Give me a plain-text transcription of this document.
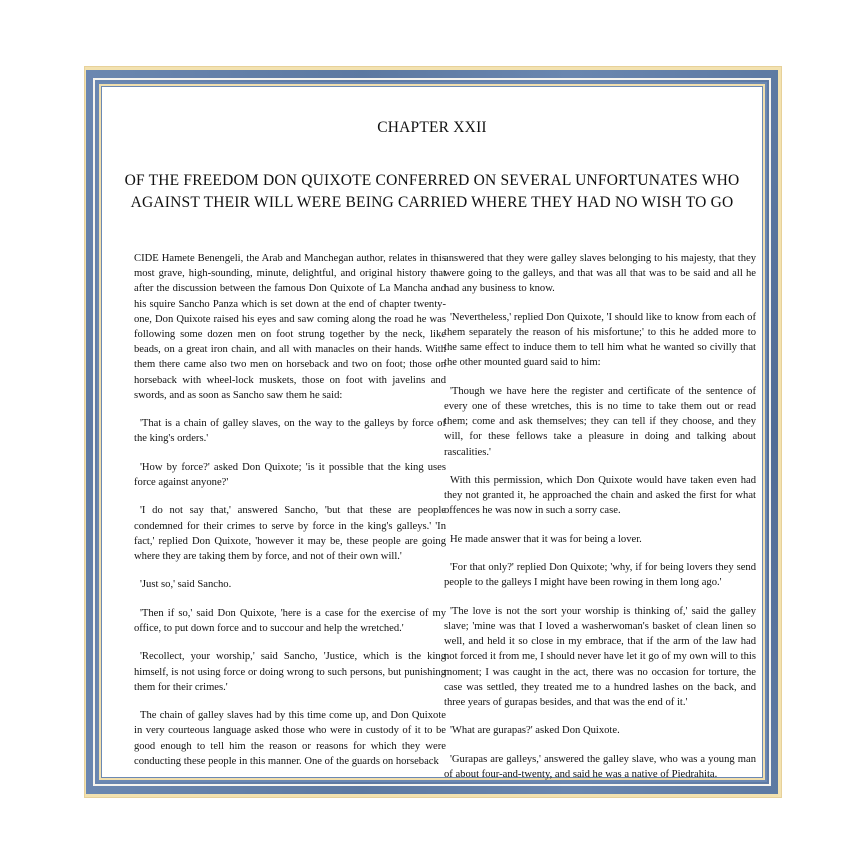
CHAPTER XXII
OF THE FREEDOM DON QUIXOTE CONFERRED ON SEVERAL UNFORTUNATES WHO AGAINST THEIR WILL WERE BEING CARRIED WHERE THEY HAD NO WISH TO GO

CIDE Hamete Benengeli, the Arab and Manchegan author, relates in this most grave, high-sounding, minute, delightful, and original history that after the discussion between the famous Don Quixote of La Mancha and his squire Sancho Panza which is set down at the end of chapter twenty-one, Don Quixote raised his eyes and saw coming along the road he was following some dozen men on foot strung together by the neck, like beads, on a great iron chain, and all with manacles on their hands. With them there came also two men on horseback and two on foot; those on horseback with wheel-lock muskets, those on foot with javelins and swords, and as soon as Sancho saw them he said:

'That is a chain of galley slaves, on the way to the galleys by force of the king's orders.'

'How by force?' asked Don Quixote; 'is it possible that the king uses force against anyone?'

'I do not say that,' answered Sancho, 'but that these are people condemned for their crimes to serve by force in the king's galleys.' 'In fact,' replied Don Quixote, 'however it may be, these people are going where they are taking them by force, and not of their own will.'

'Just so,' said Sancho.

'Then if so,' said Don Quixote, 'here is a case for the exercise of my office, to put down force and to succour and help the wretched.'

'Recollect, your worship,' said Sancho, 'Justice, which is the king himself, is not using force or doing wrong to such persons, but punishing them for their crimes.'

The chain of galley slaves had by this time come up, and Don Quixote in very courteous language asked those who were in custody of it to be good enough to tell him the reason or reasons for which they were conducting these people in this manner. One of the guards on horseback

answered that they were galley slaves belonging to his majesty, that they were going to the galleys, and that was all that was to be said and all he had any business to know.

'Nevertheless,' replied Don Quixote, 'I should like to know from each of them separately the reason of his misfortune;' to this he added more to the same effect to induce them to tell him what he wanted so civilly that the other mounted guard said to him:

'Though we have here the register and certificate of the sentence of every one of these wretches, this is no time to take them out or read them; come and ask themselves; they can tell if they choose, and they will, for these fellows take a pleasure in doing and talking about rascalities.'

With this permission, which Don Quixote would have taken even had they not granted it, he approached the chain and asked the first for what offences he was now in such a sorry case.

He made answer that it was for being a lover.

'For that only?' replied Don Quixote; 'why, if for being lovers they send people to the galleys I might have been rowing in them long ago.'

'The love is not the sort your worship is thinking of,' said the galley slave; 'mine was that I loved a washerwoman's basket of clean linen so well, and held it so close in my embrace, that if the arm of the law had not forced it from me, I should never have let it go of my own will to this moment; I was caught in the act, there was no occasion for torture, the case was settled, they treated me to a hundred lashes on the back, and three years of gurapas besides, and that was the end of it.'

'What are gurapas?' asked Don Quixote.

'Gurapas are galleys,' answered the galley slave, who was a young man of about four-and-twenty, and said he was a native of Piedrahita.
